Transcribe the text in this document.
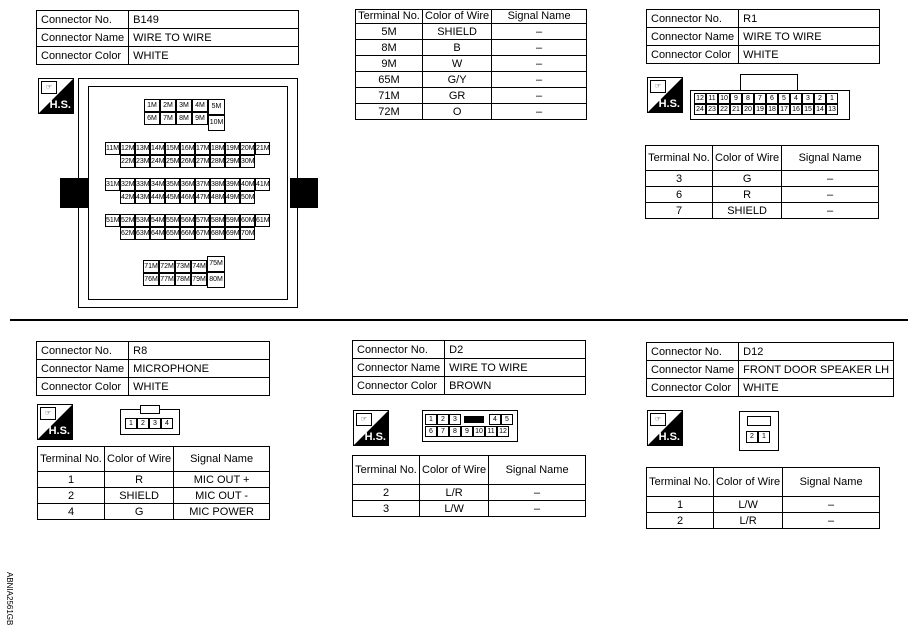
Connector No.	B149
Connector Name	WIRE TO WIRE
Connector Color	WHITE
☞
H.S.	1M 2M 3M 4M
6M 7M 8M 9M
5M
10M
11M 12M 13M 14M 15M 16M 17M 18M 19M 20M 21M
22M 23M 24M 25M 26M 27M 28M 29M 30M
31M 32M 33M 34M 35M 36M 37M 38M 39M 40M 41M
42M 43M 44M 45M 46M 47M 48M 49M 50M
51M 52M 53M 54M 55M 56M 57M 58M 59M 60M 61M
62M 63M 64M 65M 66M 67M 68M 69M 70M
71M 72M 73M 74M
76M 77M 78M 79M
75M
80M
Terminal No.	Color of Wire	Signal Name
5M	SHIELD	–
8M	B	–
9M	W	–
65M	G/Y	–
71M	GR	–
72M	O	–
Connector No.	R1
Connector Name	WIRE TO WIRE
Connector Color	WHITE
☞
H.S. 12 11 10 9	8	7	6	5	4	3	2	1
24 23 22 21 20 19 18 17 16 15 14 13
Terminal No.	Color of Wire	Signal Name
3	G	–
6	R	–
7	SHIELD	–
Connector No.	R8
Connector Name	MICROPHONE
Connector Color	WHITE
☞
H.S.
1	2	3	4
Terminal No.	Color of Wire	Signal Name
1	R	MIC OUT +
2	SHIELD	MIC OUT -
4	G	MIC POWER
Connector No.	D2
Connector Name	WIRE TO WIRE
Connector Color	BROWN
☞
H.S.
1	2	3	4	5
6	7	8	9 10 11 12
Terminal No.	Color of Wire	Signal Name
2	L/R	–
3	L/W	–
Connector No.	D12
Connector Name	FRONT DOOR SPEAKER LH
Connector Color	WHITE
☞
H.S.	2	1
Terminal No.	Color of Wire	Signal Name
1	L/W	–
2	L/R	–
ABNIA2561GB
